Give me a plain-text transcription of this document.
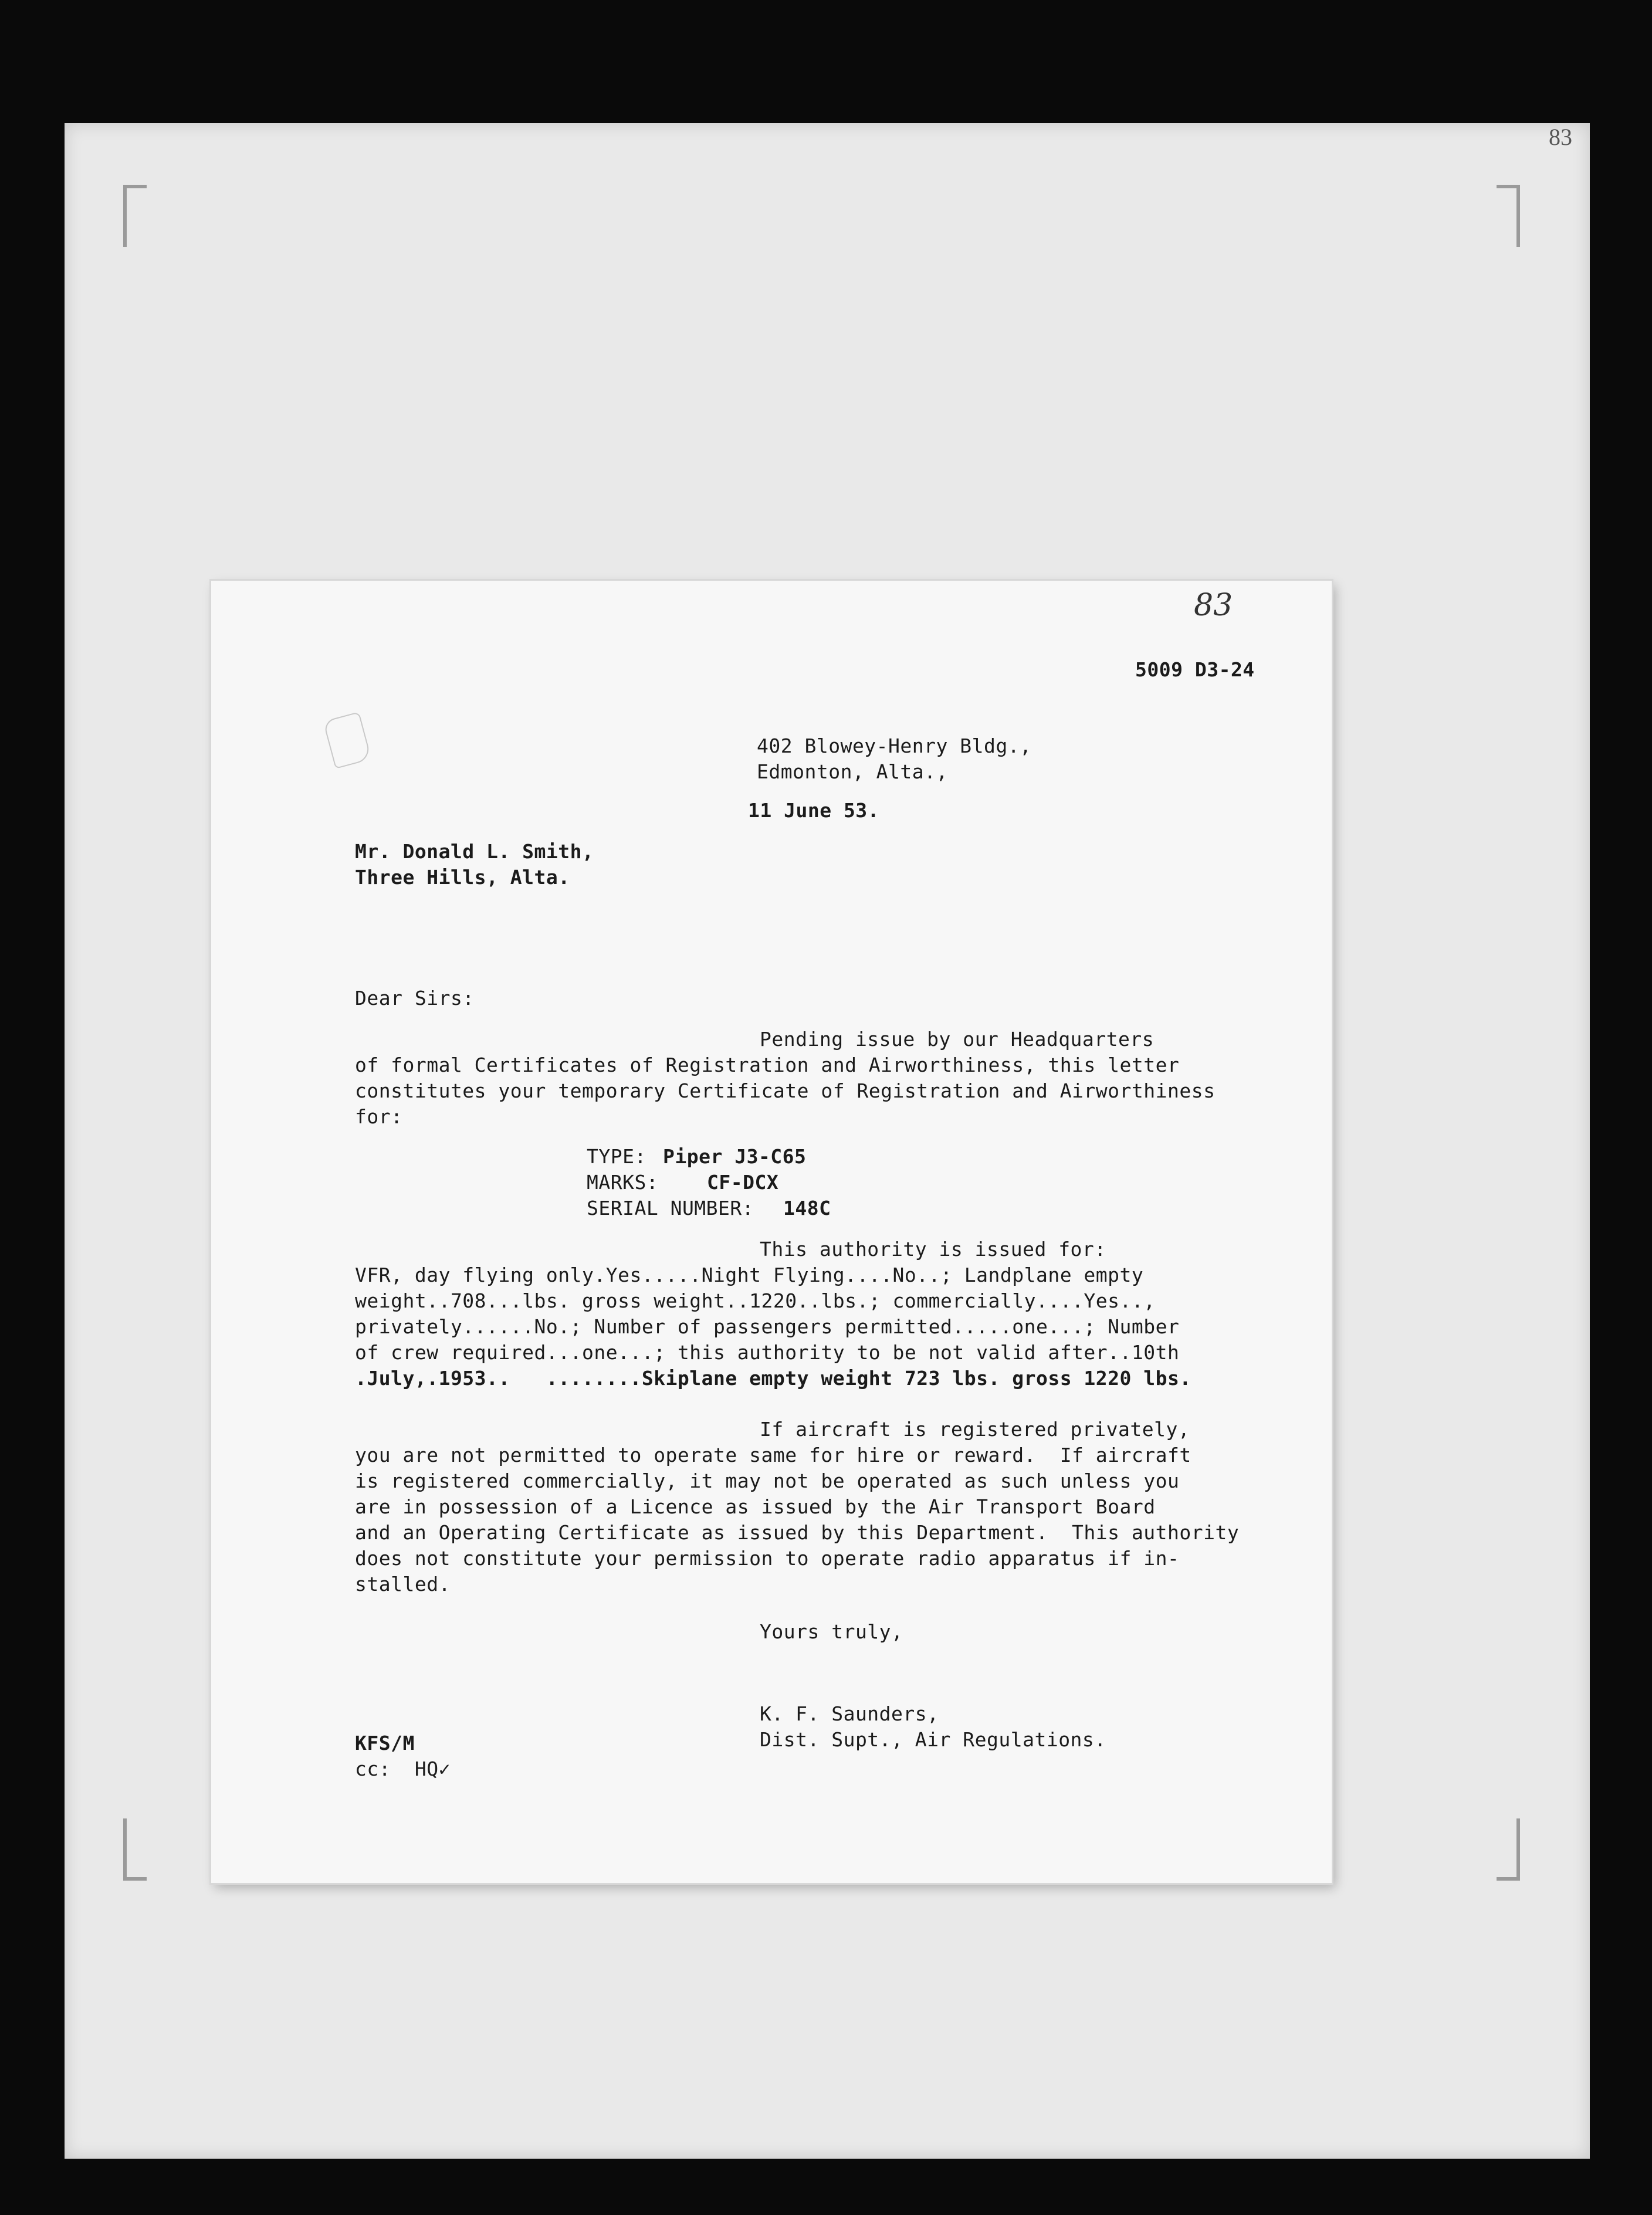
83
83
5009 D3-24
402 Blowey-Henry Bldg.,
Edmonton, Alta.,
11 June 53.
Mr. Donald L. Smith,
Three Hills, Alta.
Dear Sirs:
Pending issue by our Headquarters
of formal Certificates of Registration and Airworthiness, this letter
constitutes your temporary Certificate of Registration and Airworthiness
for:
TYPE: Piper J3-C65
MARKS:	CF-DCX
SERIAL NUMBER: 148C
This authority is issued for:
VFR, day flying only.Yes.....Night Flying....No..; Landplane empty
weight..708...lbs. gross weight..1220..lbs.; commercially....Yes..,
privately......No.; Number of passengers permitted.....one...; Number
of crew required...one...; this authority to be not valid after..10th
.July,.1953..   ........Skiplane empty weight 723 lbs. gross 1220 lbs.
If aircraft is registered privately,
you are not permitted to operate same for hire or reward.  If aircraft
is registered commercially, it may not be operated as such unless you
are in possession of a Licence as issued by the Air Transport Board
and an Operating Certificate as issued by this Department.  This authority
does not constitute your permission to operate radio apparatus if in-
stalled.
Yours truly,
K. F. Saunders,
Dist. Supt., Air Regulations.
KFS/M
cc:  HQ✓
